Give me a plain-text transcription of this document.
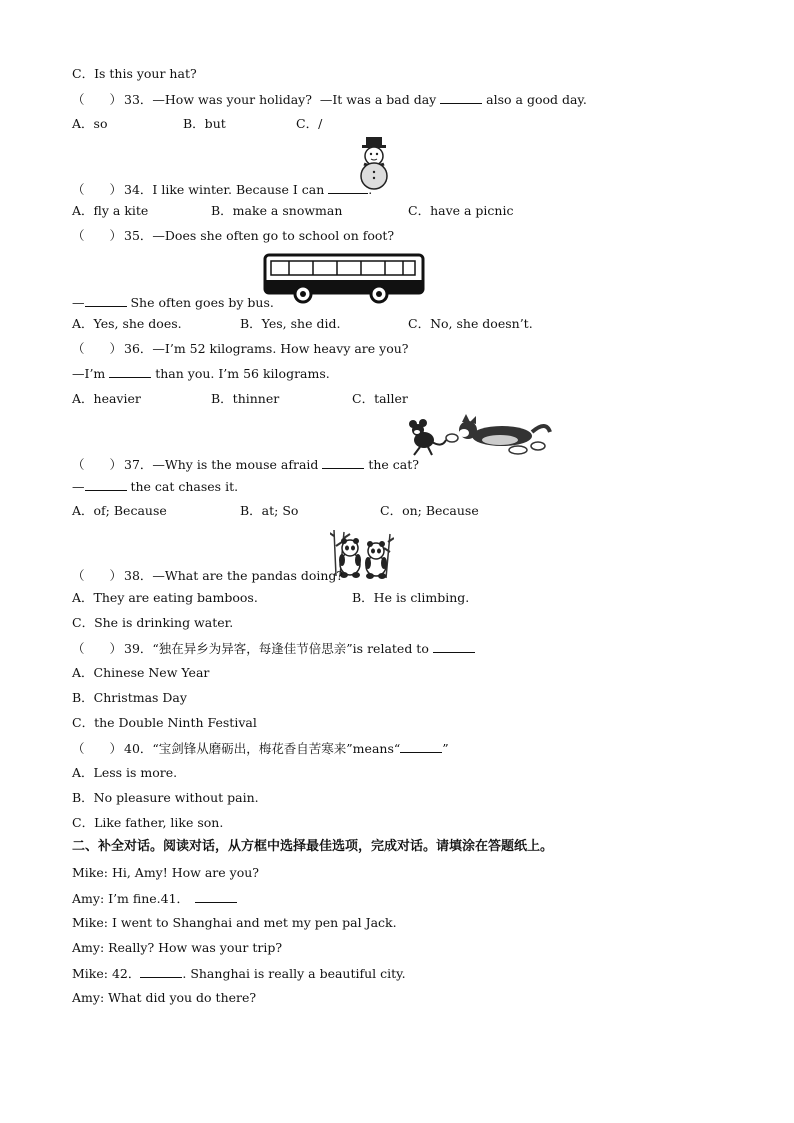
C．Is this your hat?
（　　） 33．—How was your holiday?  —It was a bad day	also a good day.
A．so	B．but	C．/
（　　） 34．I like winter. Because I can	.
A．fly a kite	B．make a snowman	C．have a picnic
（　　） 35．—Does she often go to school on foot?
—	She often goes by bus.
A．Yes, she does.	B．Yes, she did.	C．No, she doesn’t.
（　　） 36．—I’m 52 kilograms. How heavy are you?
—I’m	than you. I’m 56 kilograms.
A．heavier	B．thinner	C．taller
（　　） 37．—Why is the mouse afraid	the cat?
—	the cat chases it.
A．of; Because	B．at; So	C．on; Because
（　　） 38．—What are the pandas doing?
A．They are eating bamboos.	B．He is climbing.
C．She is drinking water.
（　　） 39．“独在异乡为异客，每逢佳节倍思亲”is related to
A．Chinese New Year
B．Christmas Day
C．the Double Ninth Festival
（　　） 40．“宝剑锋从磨砺出，梅花香自苦寒来”means“	”
A．Less is more.
B．No pleasure without pain.
C．Like father, like son.
二、补全对话。阅读对话，从方框中选择最佳选项，完成对话。请填涂在答题纸上。
Mike: Hi, Amy! How are you?
Amy: I’m fine.41．
Mike: I went to Shanghai and met my pen pal Jack.
Amy: Really? How was your trip?
Mike: 42．	. Shanghai is really a beautiful city.
Amy: What did you do there?
